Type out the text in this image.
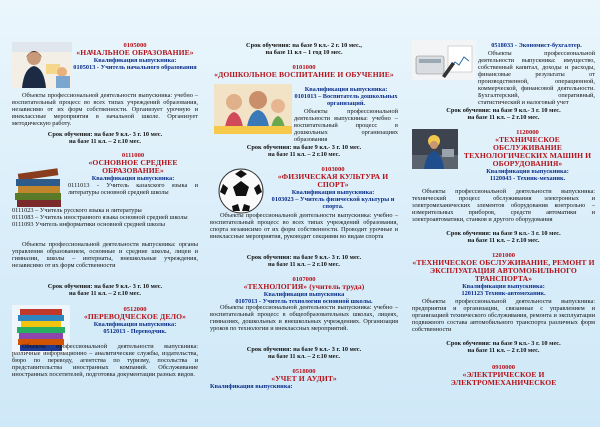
0105000
«НАЧАЛЬНОЕ ОБРАЗОВАНИЕ»
Квалификация выпускника:
0105013 - Учитель начального образования
Объекты профессиональной деятельности выпускника: учебно – воспитательный процесс во всех типах учреждений образования, независимо от их форм собственности. Организует урочную и внеклассные мероприятия в начальной школе. Организует методическую работу.
Срок обучения: на базе 9 кл.- 3 г. 10 мес.
на базе 11 кл. – 2 г.10 мес.
0111000
«ОСНОВНОЕ СРЕДНЕЕ ОБРАЗОВАНИЕ»
Квалификация выпускника:
0111013 - Учитель казахского языка и литературы основной средней школы
0111023 – Учитель русского языка и литературы
0111083 – Учитель иностранного языка основной средней школы
0111093 Учитель информатики основной средней школы
Объекты профессиональной деятельности выпускника: органы управления образованием, основные и средние школы, лицеи и гимназии, школы – интернаты, внешкольные учреждения, независимо от их форм собственности
Срок обучения: на базе 9 кл.- 3 г. 10 мес.
на базе 11 кл. – 2 г.10 мес.
0512000
«ПЕРЕВОДЧЕСКОЕ ДЕЛО»
Квалификация выпускника:
0512013 - Переводчик.
Объекты профессиональной деятельности выпускника: различные информационно – аналитические службы, издательства, бюро по переводу, агентства по туризму, посольства и представительства иностранных компаний. Обслуживание иностранных посетителей, подготовка документации разных видов.
Срок обучения: на базе 9 кл.- 2 г. 10 мес.,
на базе 11 кл – 1 год 10 мес.
0101000
«ДОШКОЛЬНОЕ ВОСПИТАНИЕ И ОБУЧЕНИЕ»
Квалификация выпускника:
0101013 – Воспитатель дошкольных организаций.
Объекты профессиональной деятельности выпускника: учебно – воспитательный процесс в дошкольных организациях образования
Срок обучения: на базе 9 кл.- 3 г. 10 мес.
на базе 11 кл. – 2 г.10 мес.
0103000
«ФИЗИЧЕСКАЯ КУЛЬТУРА И СПОРТ»
Квалификация выпускника:
0103023 – Учитель физической культуры и спорта.
Объекты профессиональной деятельности выпускника: учебно – воспитательный процесс во всех типах учреждений образования, спорта независимо от их форм собственности. Проводит урочные и внеклассные мероприятия, руководит секциями во видам спорта
Срок обучения: на базе 9 кл.- 3 г. 10 мес.
на базе 11 кл. – 2 г.10 мес.
0107000
«ТЕХНОЛОГИЯ» (учитель труда)
Квалификация выпускника
0107013 - Учитель технологии основной школы.
Объекты профессиональной деятельности выпускника: учебно – воспитательный процесс в общеобразовательных школах, лицеях, гимназиях, дошкольных и внешкольных учреждениях. Организация уроков по технологии и внеклассных мероприятий.
Срок обучения: на базе 9 кл.- 3 г. 10 мес.
на базе 11 кл. – 2 г.10 мес.
0518000
«УЧЕТ И АУДИТ»
Квалификация выпускника:
0518033 - Экономист-бухгалтер.
Объекты профессиональной деятельности выпускника: имущество, собственный капитал, доходы и расходы, финансовые результаты от производственной, операционной, коммерческой, финансовой деятельности. Бухгалтерский, оперативный, статистический и налоговый учет
Срок обучения: на базе 9 кл.- 3 г. 10 мес.
на базе 11 кл. – 2 г.10 мес.
1120000
«ТЕХНИЧЕСКОЕ ОБСЛУЖИВАНИЕ ТЕХНОЛОГИЧЕСКИХ МАШИН И ОБОРУДОВАНИЯ»
Квалификация выпускника:
1120043 - Техник-механик.
Объекты профессиональной деятельности выпускника: технический процесс обслуживания электронных и электромеханических элементов оборудования контрольно – измерительных приборов, средств автоматики и электроавтоматики, станков и другого оборудования
Срок обучения: на базе 9 кл.- 3 г. 10 мес.
на базе 11 кл. – 2 г.10 мес.
1201000
«ТЕХНИЧЕСКОЕ ОБСЛУЖИВАНИЕ, РЕМОНТ И ЭКСПЛУАТАЦИЯ АВТОМОБИЛЬНОГО ТРАНСПОРТА»
Квалификация выпускника:
1201123 Техник-автомеханик.
Объекты профессиональной деятельности выпускника: предприятия и организации, связанные с управлением и организацией технического обслуживания, ремонта и эксплуатации подвижного состава автомобильного транспорта различных форм собственности
Срок обучения: на базе 9 кл.- 3 г. 10 мес.
на базе 11 кл. – 2 г.10 мес.
0910000
«ЭЛЕКТРИЧЕСКОЕ И ЭЛЕКТРОМЕХАНИЧЕСКОЕ
